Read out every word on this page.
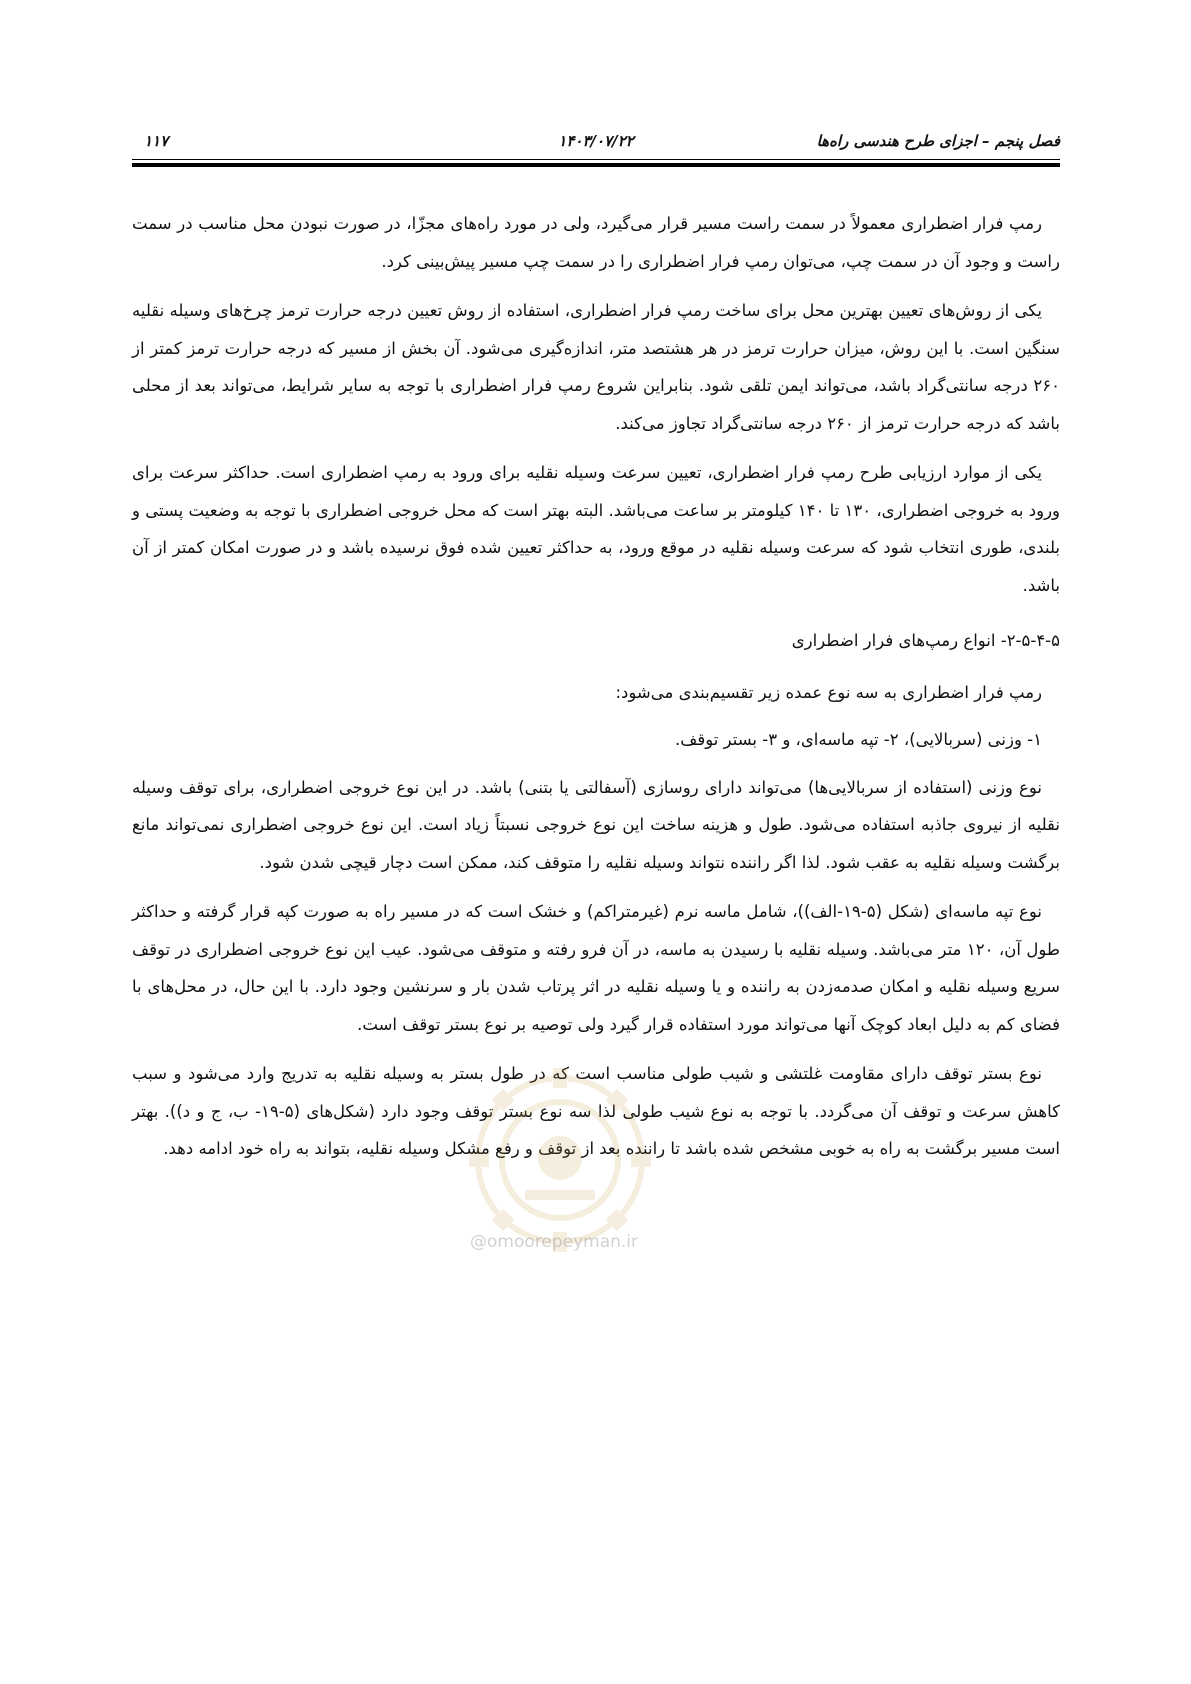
فصل پنجم – اجزای طرح هندسی راه‌ها
۱۴۰۳/۰۷/۲۲
۱۱۷

رمپ فرار اضطراری معمولاً در سمت راست مسیر قرار می‌گیرد، ولی در مورد راه‌های مجزّا، در صورت نبودن محل مناسب در سمت راست و وجود آن در سمت چپ، می‌توان رمپ فرار اضطراری را در سمت چپ مسیر پیش‌بینی کرد.

یکی از روش‌های تعیین بهترین محل برای ساخت رمپ فرار اضطراری، استفاده از روش تعیین درجه حرارت ترمز چرخ‌های وسیله نقلیه سنگین است. با این روش، میزان حرارت ترمز در هر هشتصد متر، اندازه‌گیری می‌شود. آن بخش از مسیر که درجه حرارت ترمز کمتر از ۲۶۰ درجه سانتی‌گراد باشد، می‌تواند ایمن تلقی شود. بنابراین شروع رمپ فرار اضطراری با توجه به سایر شرایط، می‌تواند بعد از محلی باشد که درجه حرارت ترمز از ۲۶۰ درجه سانتی‌گراد تجاوز می‌کند.

یکی از موارد ارزیابی طرح رمپ فرار اضطراری، تعیین سرعت وسیله نقلیه برای ورود به رمپ اضطراری است. حداکثر سرعت برای ورود به خروجی اضطراری، ۱۳۰ تا ۱۴۰ کیلومتر بر ساعت می‌باشد. البته بهتر است که محل خروجی اضطراری با توجه به وضعیت پستی و بلندی، طوری انتخاب شود که سرعت وسیله نقلیه در موقع ورود، به حداکثر تعیین شده فوق نرسیده باشد و در صورت امکان کمتر از آن باشد.

۲-۵-۴-۵- انواع رمپ‌های فرار اضطراری

رمپ فرار اضطراری به سه نوع عمده زیر تقسیم‌بندی می‌شود:

۱- وزنی (سربالایی)، ۲- تپه ماسه‌ای، و ۳- بستر توقف.

نوع وزنی (استفاده از سربالایی‌ها) می‌تواند دارای روسازی (آسفالتی یا بتنی) باشد. در این نوع خروجی اضطراری، برای توقف وسیله نقلیه از نیروی جاذبه استفاده می‌شود. طول و هزینه ساخت این نوع خروجی نسبتاً زیاد است. این نوع خروجی اضطراری نمی‌تواند مانع برگشت وسیله نقلیه به عقب شود. لذا اگر راننده نتواند وسیله نقلیه را متوقف کند، ممکن است دچار قیچی شدن شود.

نوع تپه ماسه‌ای (شکل (۵-۱۹-الف))، شامل ماسه نرم (غیرمتراکم) و خشک است که در مسیر راه به صورت کپه قرار گرفته و حداکثر طول آن، ۱۲۰ متر می‌باشد. وسیله نقلیه با رسیدن به ماسه، در آن فرو رفته و متوقف می‌شود. عیب این نوع خروجی اضطراری در توقف سریع وسیله نقلیه و امکان صدمه‌زدن به راننده و یا وسیله نقلیه در اثر پرتاب شدن بار و سرنشین وجود دارد. با این حال، در محل‌های با فضای کم به دلیل ابعاد کوچک آنها می‌تواند مورد استفاده قرار گیرد ولی توصیه بر نوع بستر توقف است.

نوع بستر توقف دارای مقاومت غلتشی و شیب طولی مناسب است که در طول بستر به وسیله نقلیه به تدریج وارد می‌شود و سبب کاهش سرعت و توقف آن می‌گردد. با توجه به نوع شیب طولی لذا سه نوع بستر توقف وجود دارد (شکل‌های (۵-۱۹- ب، ج و د)). بهتر است مسیر برگشت به راه به خوبی مشخص شده باشد تا راننده بعد از توقف و رفع مشکل وسیله نقلیه، بتواند به راه خود ادامه دهد.

@omoorepeyman.ir
